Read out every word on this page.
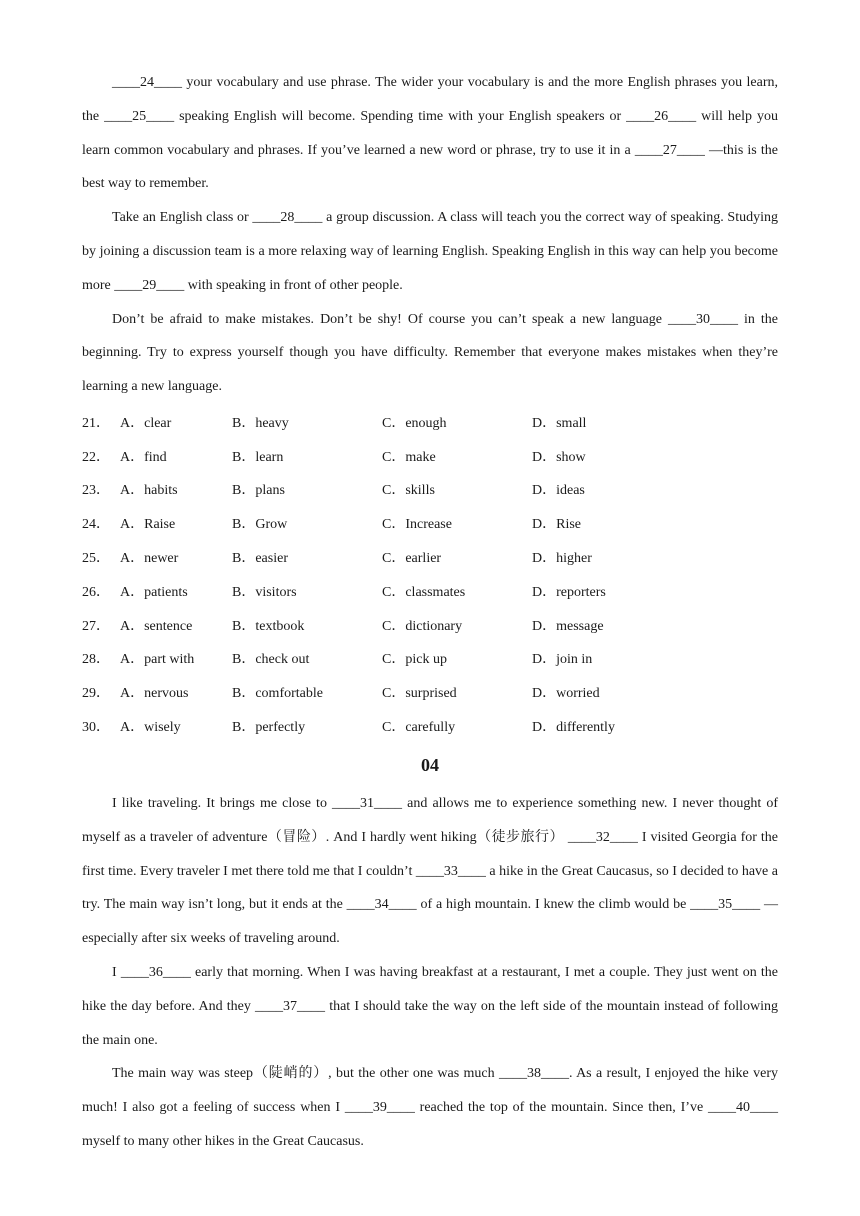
____24____ your vocabulary and use phrase. The wider your vocabulary is and the more English phrases you learn, the ____25____ speaking English will become. Spending time with your English speakers or ____26____ will help you learn common vocabulary and phrases. If you’ve learned a new word or phrase, try to use it in a ____27____ —this is the best way to remember.

Take an English class or ____28____ a group discussion. A class will teach you the correct way of speaking. Studying by joining a discussion team is a more relaxing way of learning English. Speaking English in this way can help you become more ____29____ with speaking in front of other people.

Don’t be afraid to make mistakes. Don’t be shy! Of course you can’t speak a new language ____30____ in the beginning. Try to express yourself though you have difficulty. Remember that everyone makes mistakes when they’re learning a new language.

21． A．clear	B．heavy	C．enough	D．small
22． A．find	B．learn	C．make	D．show
23． A．habits	B．plans	C．skills	D．ideas
24． A．Raise	B．Grow	C．Increase	D．Rise
25． A．newer	B．easier	C．earlier	D．higher
26． A．patients	B．visitors	C．classmates	D．reporters
27． A．sentence	B．textbook	C．dictionary	D．message
28． A．part with	B．check out	C．pick up	D．join in
29． A．nervous	B．comfortable	C．surprised	D．worried
30． A．wisely	B．perfectly	C．carefully	D．differently
04

I like traveling. It brings me close to ____31____ and allows me to experience something new. I never thought of myself as a traveler of adventure（冒险）. And I hardly went hiking（徒步旅行） ____32____ I visited Georgia for the first time. Every traveler I met there told me that I couldn’t ____33____ a hike in the Great Caucasus, so I decided to have a try. The main way isn’t long, but it ends at the ____34____ of a high mountain. I knew the climb would be ____35____ —especially after six weeks of traveling around.

I ____36____ early that morning. When I was having breakfast at a restaurant, I met a couple. They just went on the hike the day before. And they ____37____ that I should take the way on the left side of the mountain instead of following the main one.

The main way was steep（陡峭的）, but the other one was much ____38____. As a result, I enjoyed the hike very much! I also got a feeling of success when I ____39____ reached the top of the mountain. Since then, I’ve ____40____ myself to many other hikes in the Great Caucasus.
